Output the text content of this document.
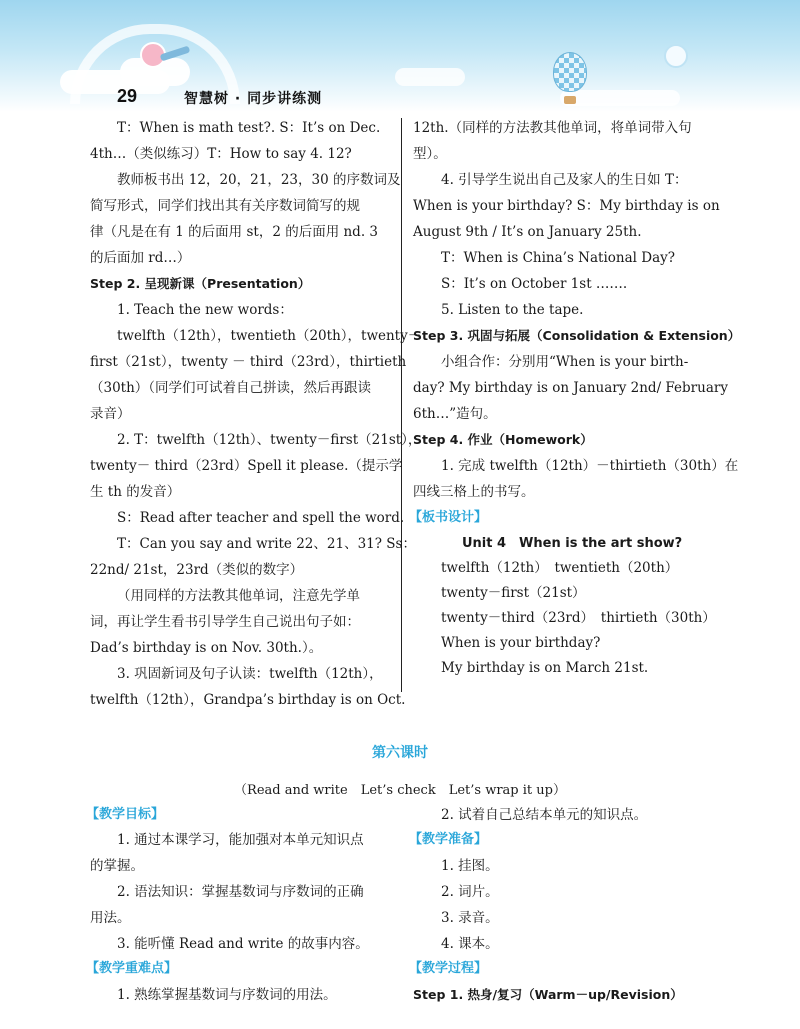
29	智慧树 · 同步讲练测
T：When is math test?. S：It’s on Dec.
4th…（类似练习）T：How to say 4. 12?
教师板书出 12，20，21，23，30 的序数词及
简写形式，同学们找出其有关序数词简写的规
律（凡是在有 1 的后面用 st，2 的后面用 nd. 3
的后面加 rd…）
Step 2. 呈现新课（Presentation）
1. Teach the new words：
twelfth（12th），twentieth（20th），twenty－
first（21st），twenty － third（23rd），thirtieth
（30th）（同学们可试着自己拼读，然后再跟读
录音）
2. T：twelfth（12th）、twenty－first（21st），
twenty－ third（23rd）Spell it please.（提示学
生 th 的发音）
S：Read after teacher and spell the word.
T：Can you say and write 22、21、31? Ss：
22nd/ 21st，23rd（类似的数字）
（用同样的方法教其他单词，注意先学单
词，再让学生看书引导学生自己说出句子如：
Dad’s birthday is on Nov. 30th.）。
3. 巩固新词及句子认读：twelfth（12th），
twelfth（12th），Grandpa’s birthday is on Oct.
12th.（同样的方法教其他单词，将单词带入句
型）。
4. 引导学生说出自己及家人的生日如 T：
When is your birthday? S：My birthday is on
August 9th / It’s on January 25th.
T：When is China’s National Day?
S：It’s on October 1st …….
5. Listen to the tape.
Step 3. 巩固与拓展（Consolidation & Extension）
小组合作：分别用“When is your birth-
day? My birthday is on January 2nd/ February
6th…”造句。
Step 4. 作业（Homework）
1. 完成 twelfth（12th）－thirtieth（30th）在
四线三格上的书写。
【板书设计】
Unit 4　When is the art show?
twelfth（12th）　twentieth（20th）
twenty－first（21st）
twenty－third（23rd）　thirtieth（30th）
When is your birthday?
My birthday is on March 21st.
第六课时
（Read and write　Let’s check　Let’s wrap it up）
【教学目标】
1. 通过本课学习，能加强对本单元知识点
的掌握。
2. 语法知识：掌握基数词与序数词的正确
用法。
3. 能听懂 Read and write 的故事内容。
【教学重难点】
1. 熟练掌握基数词与序数词的用法。
2. 试着自己总结本单元的知识点。
【教学准备】
1. 挂图。
2. 词片。
3. 录音。
4. 课本。
【教学过程】
Step 1. 热身/复习（Warm－up/Revision）
